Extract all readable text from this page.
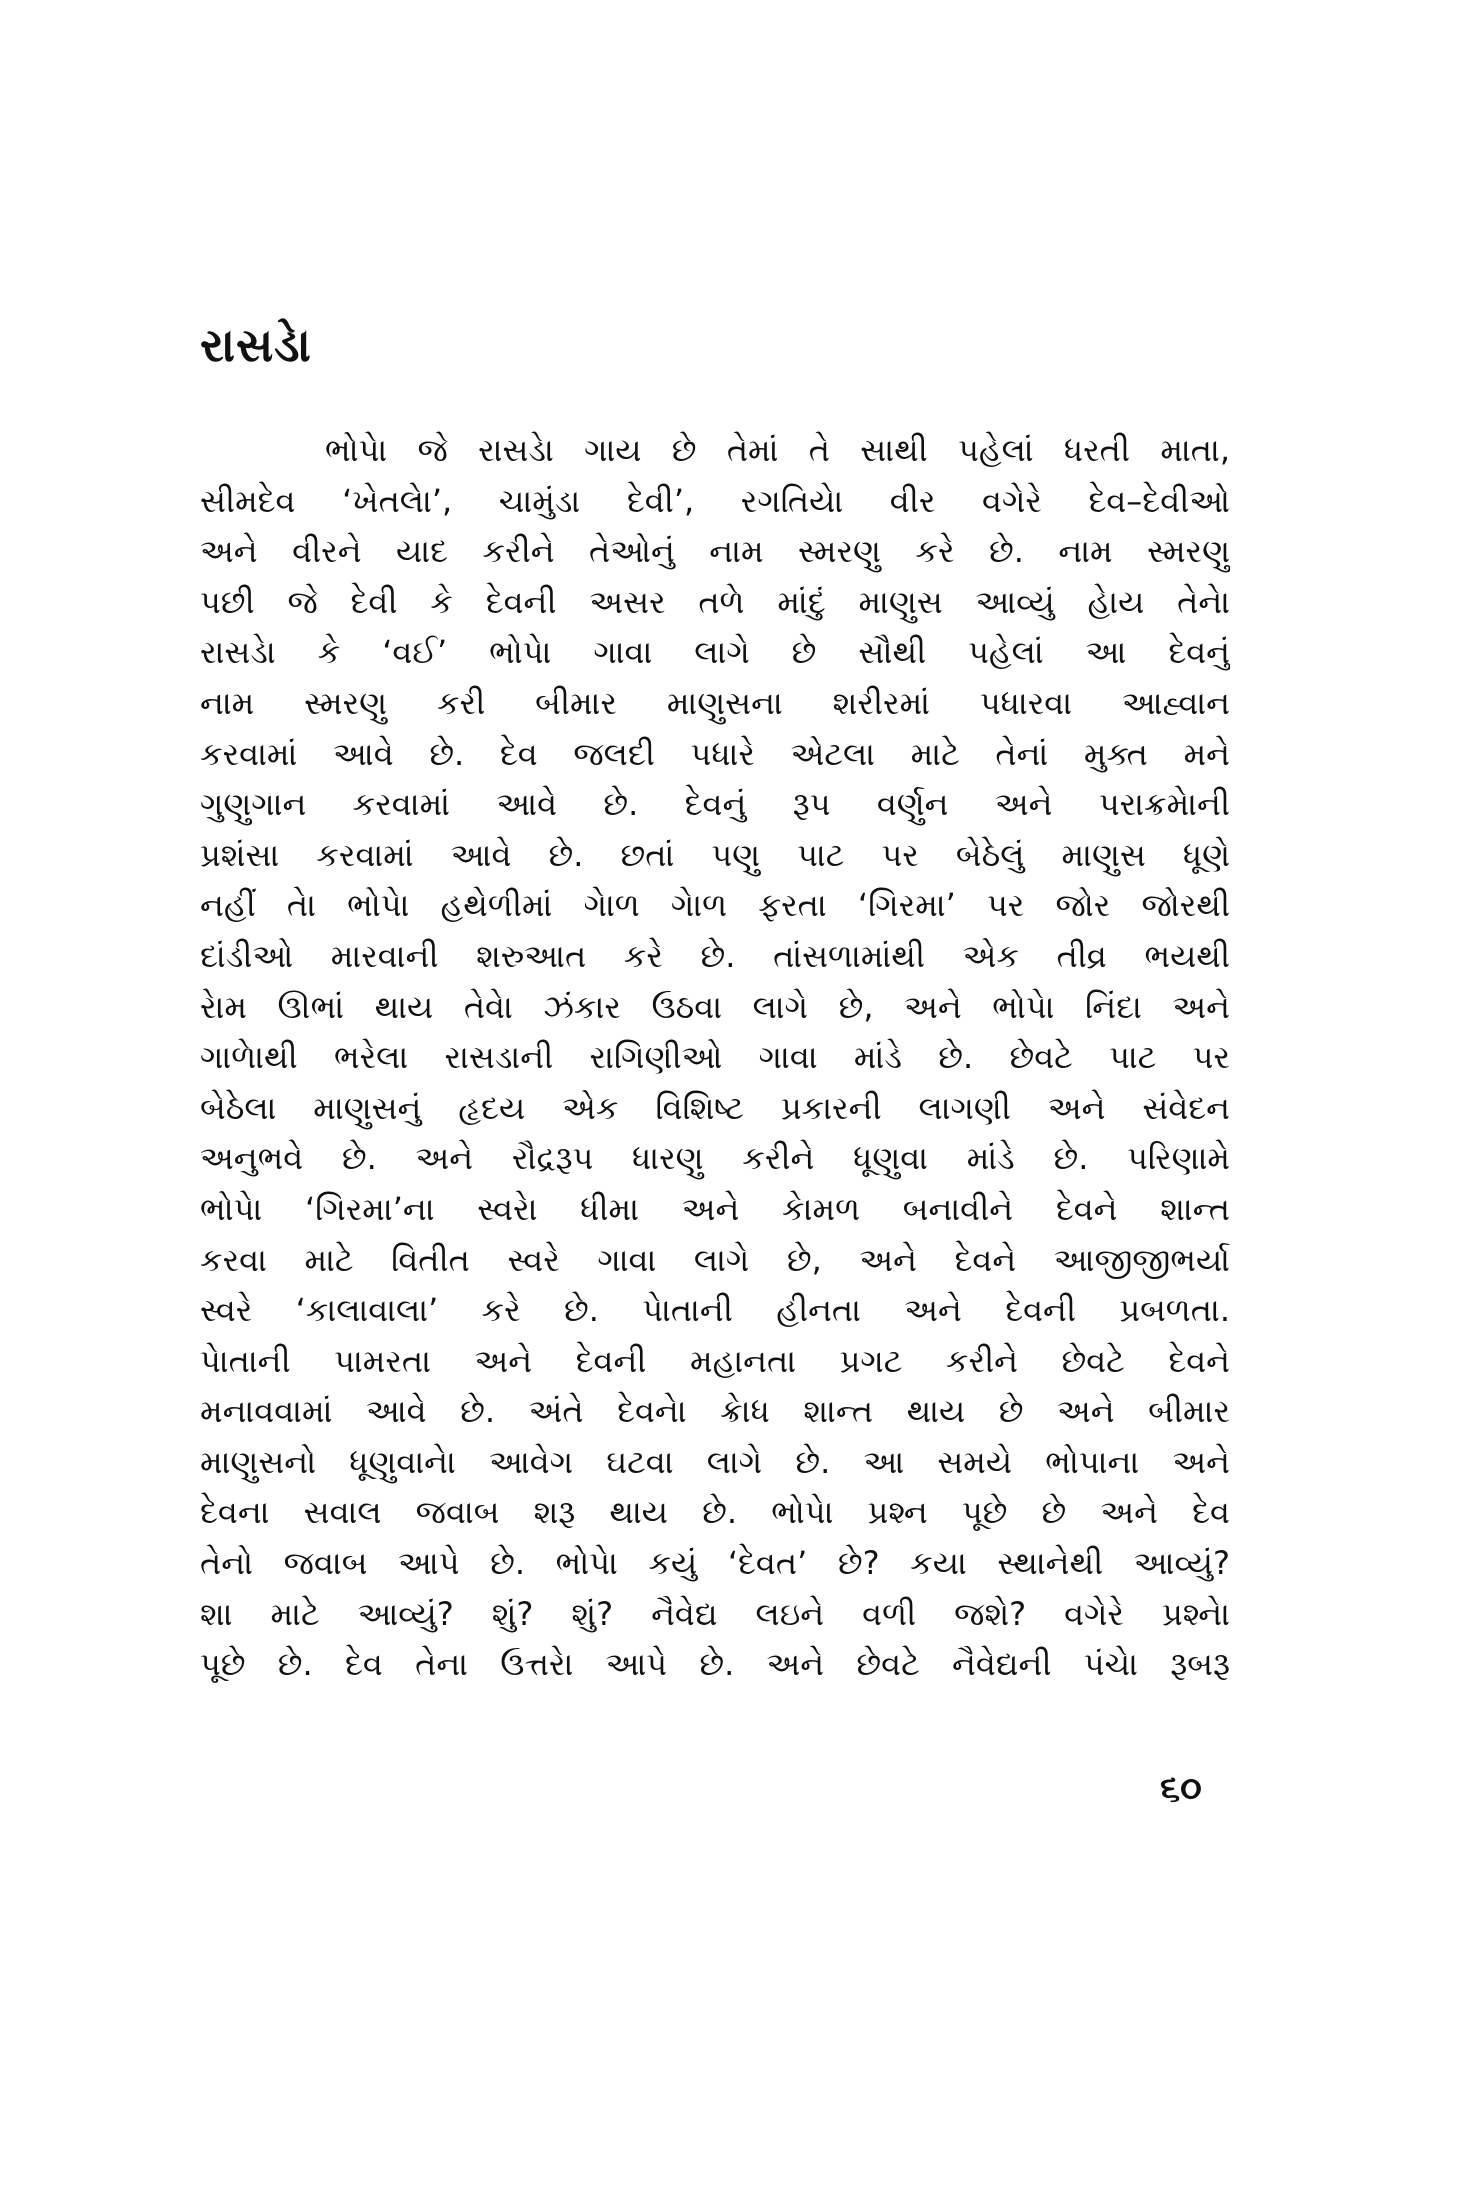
રાસડેા
ભોપેા જે રાસડેા ગાય છે તેમાં તે સાથી પહેલાં ધરતી માતા,
સીમદેવ ‘ખેતલેા’, ચામુંડા દેવી’, રગતિયેા વીર વગેરે દેવ–દેવીઓ
અને વીરને યાદ કરીને તેઓનું નામ સ્મરણુ કરે છે. નામ સ્મરણુ
પછી જે દેવી કે દેવની અસર તળે માંદું માણુસ આવ્યું હેાય તેનેા
રાસડેા કે ‘વઈ’ ભોપેા ગાવા લાગે છે સૌથી પહેલાં આ દેવનું
નામ સ્મરણુ કરી બીમાર માણુસના શરીરમાં પધારવા આહ્વાન
કરવામાં આવે છે. દેવ જલદી પધારે એટલા માટે તેનાં મુક્ત મને
ગુણુગાન કરવામાં આવે છે. દેવનું રૂપ વર્ણુન અને પરાક્રમેાની
પ્રશંસા કરવામાં આવે છે. છતાં પણુ પાટ પર બેઠેલું માણુસ ધૂણે
નહીં તેા ભોપેા હથેળીમાં ગેાળ ગેાળ ફરતા ‘ગિરમા’ પર જોર જોરથી
દાંડીઓ મારવાની શરુઆત કરે છે. તાંસળામાંથી એક તીવ્ર ભયથી
રેામ ઊભાં થાય તેવેા ઝંકાર ઉઠવા લાગે છે, અને ભોપેા નિંદા અને
ગાળેાથી ભરેલા રાસડાની રાગિણીઓ ગાવા માંડે છે. છેવટે પાટ પર
બેઠેલા માણુસનું હૃદય એક વિશિષ્ટ પ્રકારની લાગણી અને સંવેદન
અનુભવે છે. અને રૌદ્રરૂપ ધારણુ કરીને ધૂણુવા માંડે છે. પરિણામે
ભોપેા ‘ગિરમા’ના સ્વરેા ધીમા અને કેામળ બનાવીને દેવને શાન્ત
કરવા માટે વિતીત સ્વરે ગાવા લાગે છે, અને દેવને આજીજીભર્યા
સ્વરે ‘કાલાવાલા’ કરે છે. પેાતાની હીનતા અને દેવની પ્રબળતા.
પેાતાની પામરતા અને દેવની મહાનતા પ્રગટ કરીને છેવટે દેવને
મનાવવામાં આવે છે. અંતે દેવનેા ક્રેાધ શાન્ત થાય છે અને બીમાર
માણુસનો ધૂણુવાનેા આવેગ ઘટવા લાગે છે. આ સમયે ભોપાના અને
દેવના સવાલ જવાબ શરૂ થાય છે. ભોપેા પ્રશ્ન પૂછે છે અને દેવ
તેનો જવાબ આપે છે. ભોપેા કયું ‘દેવત’ છે? કયા સ્થાનેથી આવ્યું?
શા માટે આવ્યું? શું? શું? નૈવેદ્ય લઇને વળી જશે? વગેરે પ્રશ્નેા
પૂછે છે. દેવ તેના ઉત્તરેા આપે છે. અને છેવટે નૈવેદ્યની પંચેા રૂબરૂ
૬૦
